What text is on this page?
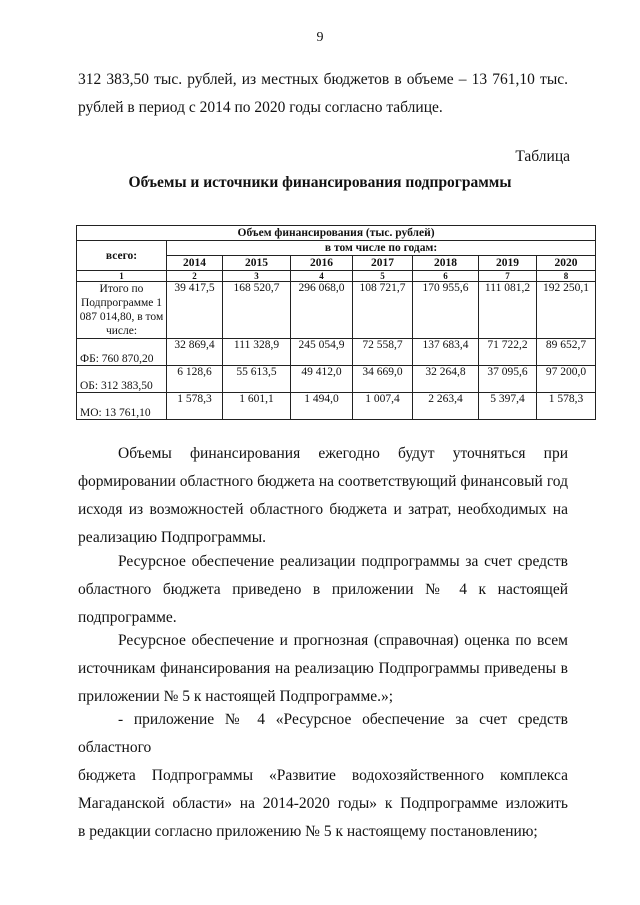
9
312 383,50 тыс. рублей, из местных бюджетов в объеме – 13 761,10 тыс.
рублей в период с 2014 по 2020 годы согласно таблице.
Таблица
Объемы и источники финансирования подпрограммы
Объем финансирования (тыс. рублей)							
всего:	в том числе по годам:						
	2014	2015	2016	2017	2018	2019	2020
1	2	3	4	5	6	7	8
Итого по Подпрограмме 1 087 014,80, в том числе:	39 417,5	168 520,7	296 068,0	108 721,7	170 955,6	111 081,2	192 250,1
ФБ: 760 870,20	32 869,4	111 328,9	245 054,9	72 558,7	137 683,4	71 722,2	89 652,7
ОБ: 312 383,50	6 128,6	55 613,5	49 412,0	34 669,0	32 264,8	37 095,6	97 200,0
МО: 13 761,10	1 578,3	1 601,1	1 494,0	1 007,4	2 263,4	5 397,4	1 578,3
Объемы финансирования ежегодно будут уточняться при
формировании областного бюджета на соответствующий финансовый год
исходя из возможностей областного бюджета и затрат, необходимых на
реализацию Подпрограммы.
Ресурсное обеспечение реализации подпрограммы за счет средств
областного бюджета приведено в приложении № 4 к настоящей
подпрограмме.
Ресурсное обеспечение и прогнозная (справочная) оценка по всем
источникам финансирования на реализацию Подпрограммы приведены в
приложении № 5 к настоящей Подпрограмме.»;
- приложение № 4 «Ресурсное обеспечение за счет средств областного
бюджета Подпрограммы «Развитие водохозяйственного комплекса
Магаданской области» на 2014-2020 годы» к Подпрограмме изложить
в редакции согласно приложению № 5 к настоящему постановлению;
